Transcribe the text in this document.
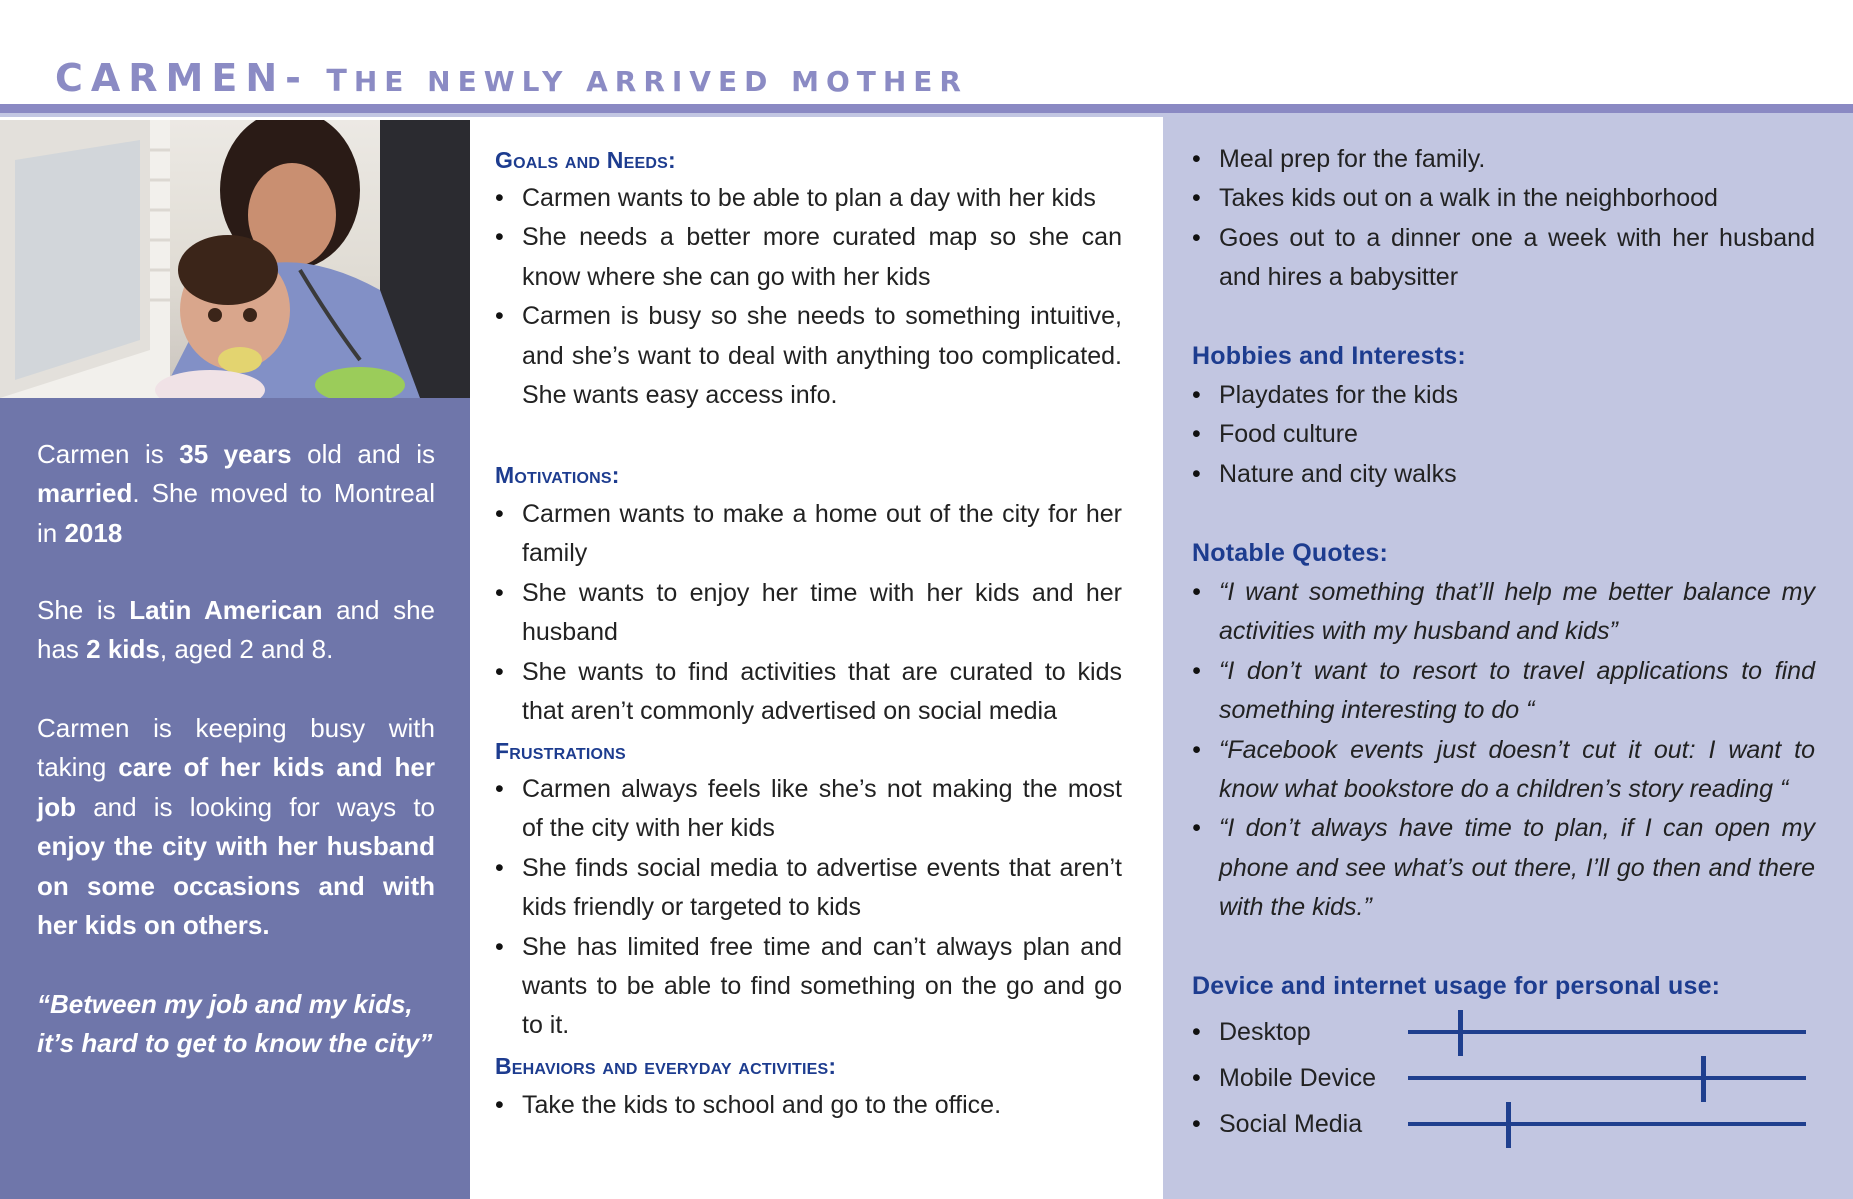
CARMEN- THE NEWLY ARRIVED MOTHER

Carmen is 35 years old and is married. She moved to Montreal in 2018

She is Latin American and she has 2 kids, aged 2 and 8.

Carmen is keeping busy with taking care of her kids and her job and is looking for ways to enjoy the city with her husband on some occasions and with her kids on others.

“Between my job and my kids, it’s hard to get to know the city”

Goals and Needs:
• Carmen wants to be able to plan a day with her kids
• She needs a better more curated map so she can know where she can go with her kids
• Carmen is busy so she needs to something intuitive, and she’s want to deal with anything too complicated. She wants easy access info.
Motivations:
• Carmen wants to make a home out of the city for her family
• She wants to enjoy her time with her kids and her husband
• She wants to find activities that are curated to kids that aren’t commonly advertised on social media
Frustrations
• Carmen always feels like she’s not making the most of the city with her kids
• She finds social media to advertise events that aren’t kids friendly or targeted to kids
• She has limited free time and can’t always plan and wants to be able to find something on the go and go to it.
Behaviors and everyday activities:
• Take the kids to school and go to the office.
• Meal prep for the family.
• Takes kids out on a walk in the neighborhood
• Goes out to a dinner one a week with her husband and hires a babysitter
Hobbies and Interests:
• Playdates for the kids
• Food culture
• Nature and city walks
Notable Quotes:
• “I want something that’ll help me better balance my activities with my husband and kids”
• “I don’t want to resort to travel applications to find something interesting to do “
• “Facebook events just doesn’t cut it out: I want to know what bookstore do a children’s story reading “
• “I don’t always have time to plan, if I can open my phone and see what’s out there, I’ll go then and there with the kids.”
Device and internet usage for personal use:
• Desktop
• Mobile Device
• Social Media
